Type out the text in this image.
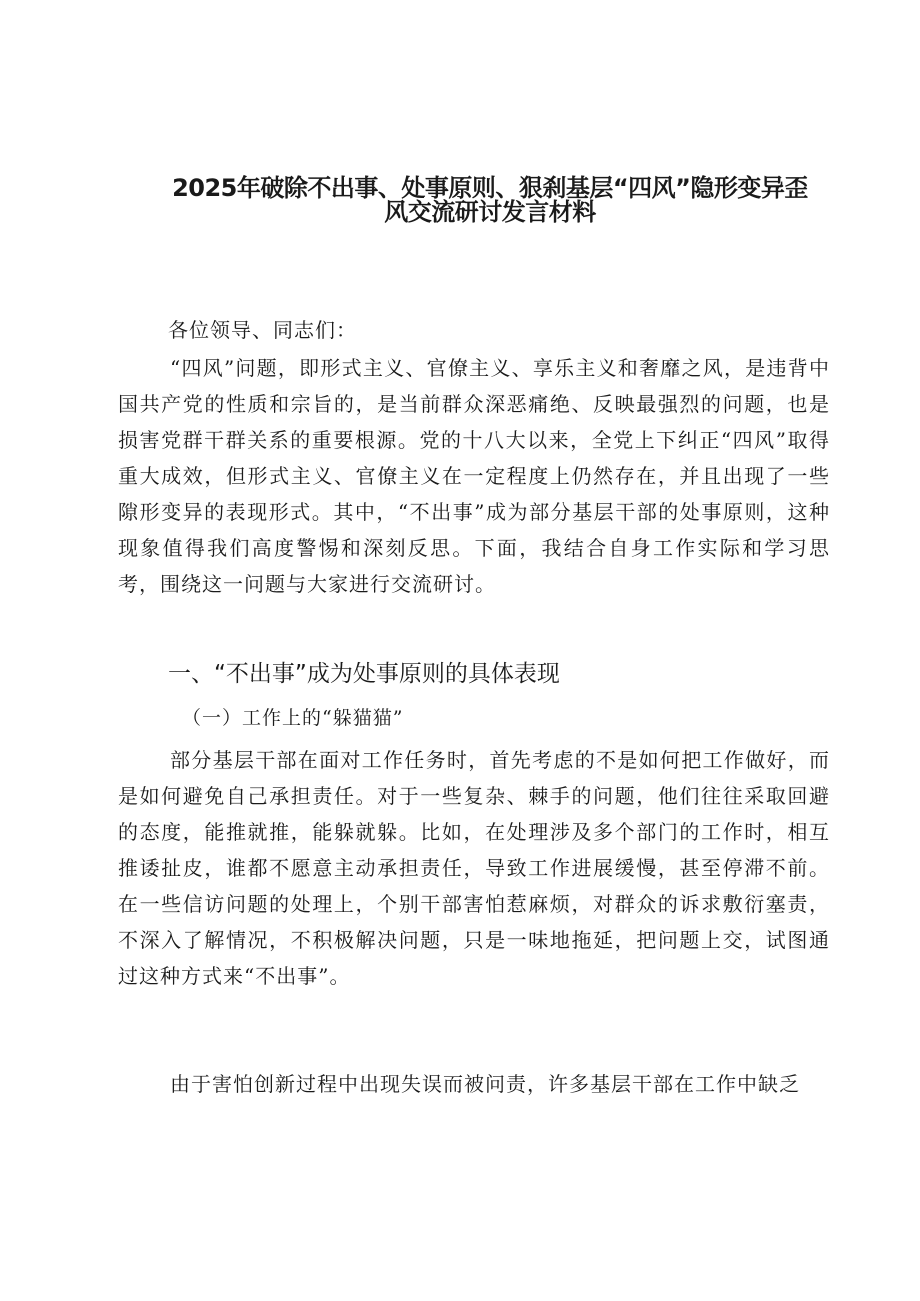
2025年破除不出事、处事原则、狠刹基层“四风”隐形变异歪
风交流研讨发言材料
各位领导、同志们：
“四风”问题，即形式主义、官僚主义、享乐主义和奢靡之风，是违背中国共产党的性质和宗旨的，是当前群众深恶痛绝、反映最强烈的问题，也是损害党群干群关系的重要根源。党的十八大以来，全党上下纠正“四风”取得重大成效，但形式主义、官僚主义在一定程度上仍然存在，并且出现了一些隙形变异的表现形式。其中，“不出事”成为部分基层干部的处事原则，这种现象值得我们高度警惕和深刻反思。下面，我结合自身工作实际和学习思考，围绕这一问题与大家进行交流研讨。
一、“不出事”成为处事原则的具体表现
（一）工作上的“躲猫猫”
部分基层干部在面对工作任务时，首先考虑的不是如何把工作做好，而是如何避免自己承担责任。对于一些复杂、棘手的问题，他们往往采取回避的态度，能推就推，能躲就躲。比如，在处理涉及多个部门的工作时，相互推诿扯皮，谁都不愿意主动承担责任，导致工作进展缓慢，甚至停滞不前。在一些信访问题的处理上，个别干部害怕惹麻烦，对群众的诉求敷衍塞责，不深入了解情况，不积极解决问题，只是一味地拖延，把问题上交，试图通过这种方式来“不出事”。
由于害怕创新过程中出现失误而被问责，许多基层干部在工作中缺乏
